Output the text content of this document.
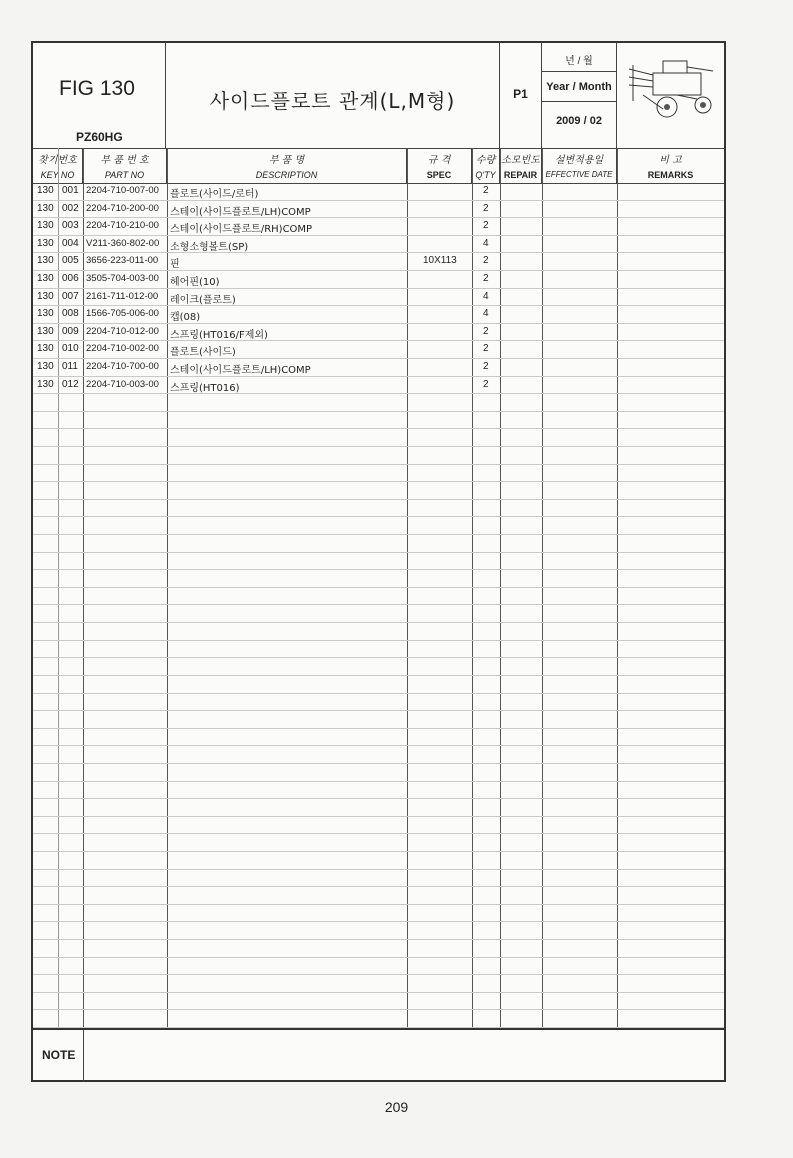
FIG 130
PZ60HG
사이드플로트 관계(L,M형)	P1
년 / 월
Year / Month
2009 / 02
찾기번호
KEY NO
부 품 번 호
PART NO
부 품 명
DESCRIPTION
규 격
SPEC
수량
Q'TY
소모빈도
REPAIR
설변적용일
EFFECTIVE DATE
비 고
REMARKS
130 001 2204-710-007-00 플로트(사이드/로터)	2
130 002 2204-710-200-00 스테이(사이드플로트/LH)COMP	2
130 003 2204-710-210-00 스테이(사이드플로트/RH)COMP	2
130 004 V211-360-802-00 소형소형볼트(SP)	4
130 005 3656-223-011-00 핀	10X113	2
130 006 3505-704-003-00 헤어핀(10)	2
130 007 2161-711-012-00 레이크(플로트)	4
130 008 1566-705-006-00 캡(08)	4
130 009 2204-710-012-00 스프링(HT016/F제외)	2
130 010 2204-710-002-00 플로트(사이드)	2
130 011 2204-710-700-00 스테이(사이드플로트/LH)COMP	2
130 012 2204-710-003-00 스프링(HT016)	2
NOTE
209
